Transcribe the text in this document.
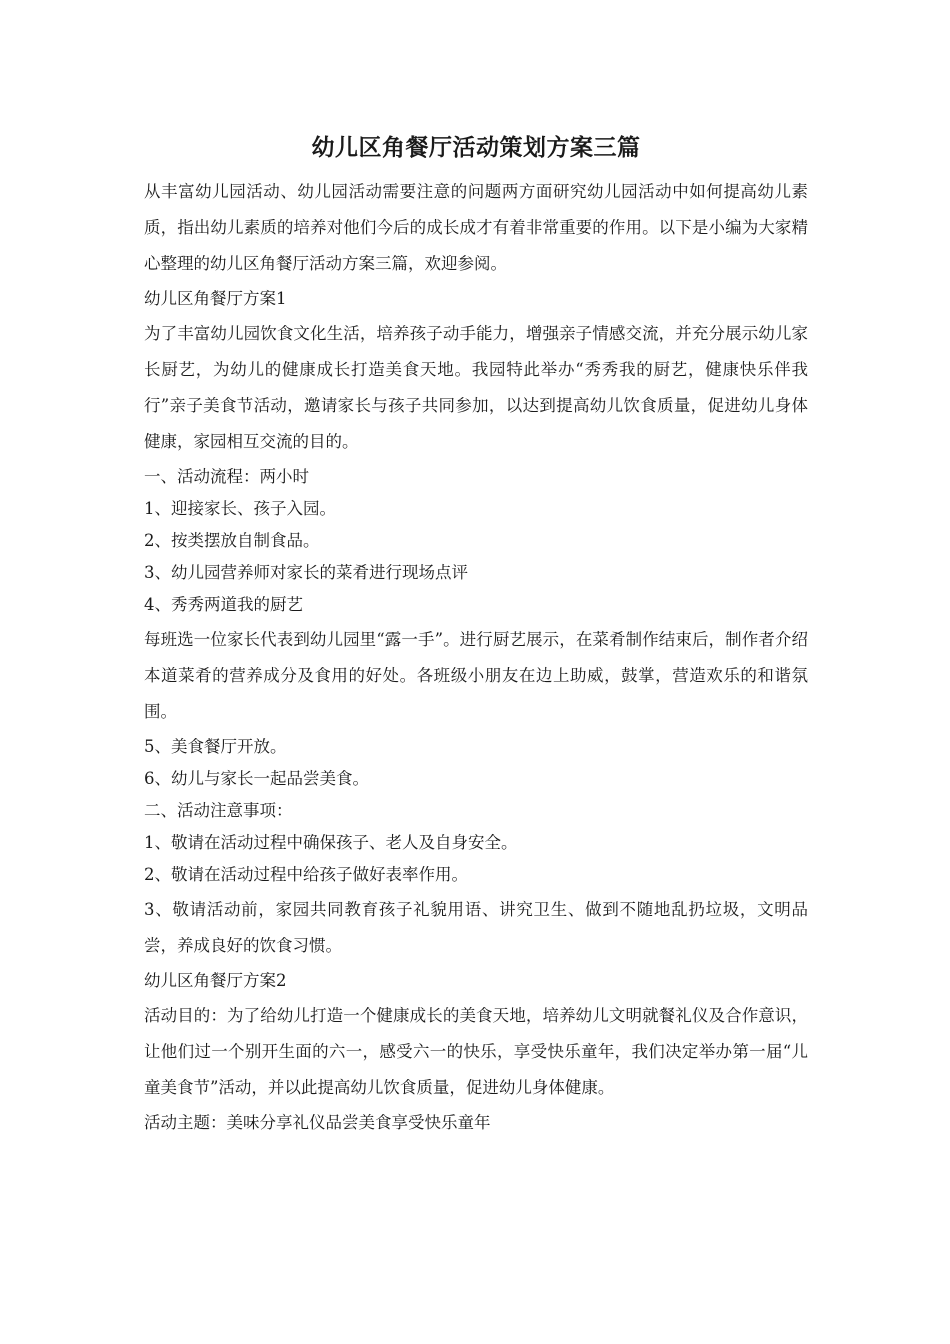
幼儿区角餐厅活动策划方案三篇

从丰富幼儿园活动、幼儿园活动需要注意的问题两方面研究幼儿园活动中如何提高幼儿素质，指出幼儿素质的培养对他们今后的成长成才有着非常重要的作用。以下是小编为大家精心整理的幼儿区角餐厅活动方案三篇，欢迎参阅。

幼儿区角餐厅方案1

为了丰富幼儿园饮食文化生活，培养孩子动手能力，增强亲子情感交流，并充分展示幼儿家长厨艺，为幼儿的健康成长打造美食天地。我园特此举办“秀秀我的厨艺，健康快乐伴我行”亲子美食节活动，邀请家长与孩子共同参加，以达到提高幼儿饮食质量，促进幼儿身体健康，家园相互交流的目的。

一、活动流程：两小时

1、迎接家长、孩子入园。

2、按类摆放自制食品。

3、幼儿园营养师对家长的菜肴进行现场点评

4、秀秀两道我的厨艺

每班选一位家长代表到幼儿园里“露一手”。进行厨艺展示，在菜肴制作结束后，制作者介绍本道菜肴的营养成分及食用的好处。各班级小朋友在边上助威，鼓掌，营造欢乐的和谐氛围。

5、美食餐厅开放。

6、幼儿与家长一起品尝美食。

二、活动注意事项：

1、敬请在活动过程中确保孩子、老人及自身安全。

2、敬请在活动过程中给孩子做好表率作用。

3、敬请活动前，家园共同教育孩子礼貌用语、讲究卫生、做到不随地乱扔垃圾，文明品尝，养成良好的饮食习惯。

幼儿区角餐厅方案2

活动目的：为了给幼儿打造一个健康成长的美食天地，培养幼儿文明就餐礼仪及合作意识，让他们过一个别开生面的六一，感受六一的快乐，享受快乐童年，我们决定举办第一届“儿童美食节”活动，并以此提高幼儿饮食质量，促进幼儿身体健康。

活动主题：美味分享礼仪品尝美食享受快乐童年
